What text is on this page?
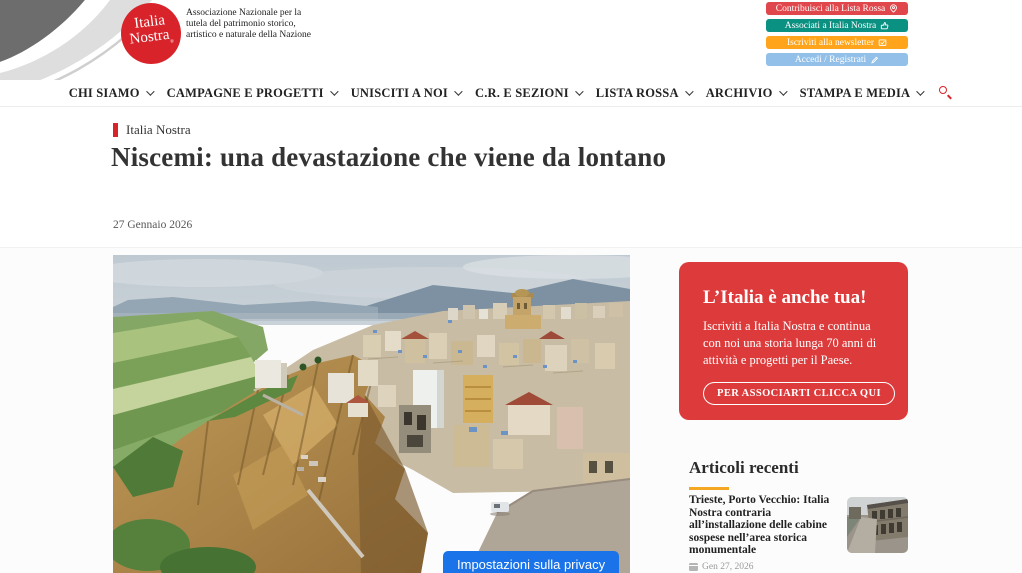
Italia
Nostra$_®$
Associazione Nazionale per la tutela del patrimonio storico, artistico e naturale della Nazione
Contribuisci alla Lista Rossa
Associati a Italia Nostra
Iscriviti alla newsletter
Accedi / Registrati
CHI SIAMO CAMPAGNE E PROGETTI UNISCITI A NOI C.R. E SEZIONI LISTA ROSSA ARCHIVIO STAMPA E MEDIA
Italia Nostra
Niscemi: una devastazione che viene da lontano
27 Gennaio 2026
L’Italia è anche tua!

Iscriviti a Italia Nostra e continua con noi una storia lunga 70 anni di attività e progetti per il Paese.

PER ASSOCIARTI CLICCA QUI
Articoli recenti
Trieste, Porto Vecchio: Italia Nostra contraria all’installazione delle cabine sospese nell’area storica monumentale
Gen 27, 2026
Impostazioni sulla privacy
